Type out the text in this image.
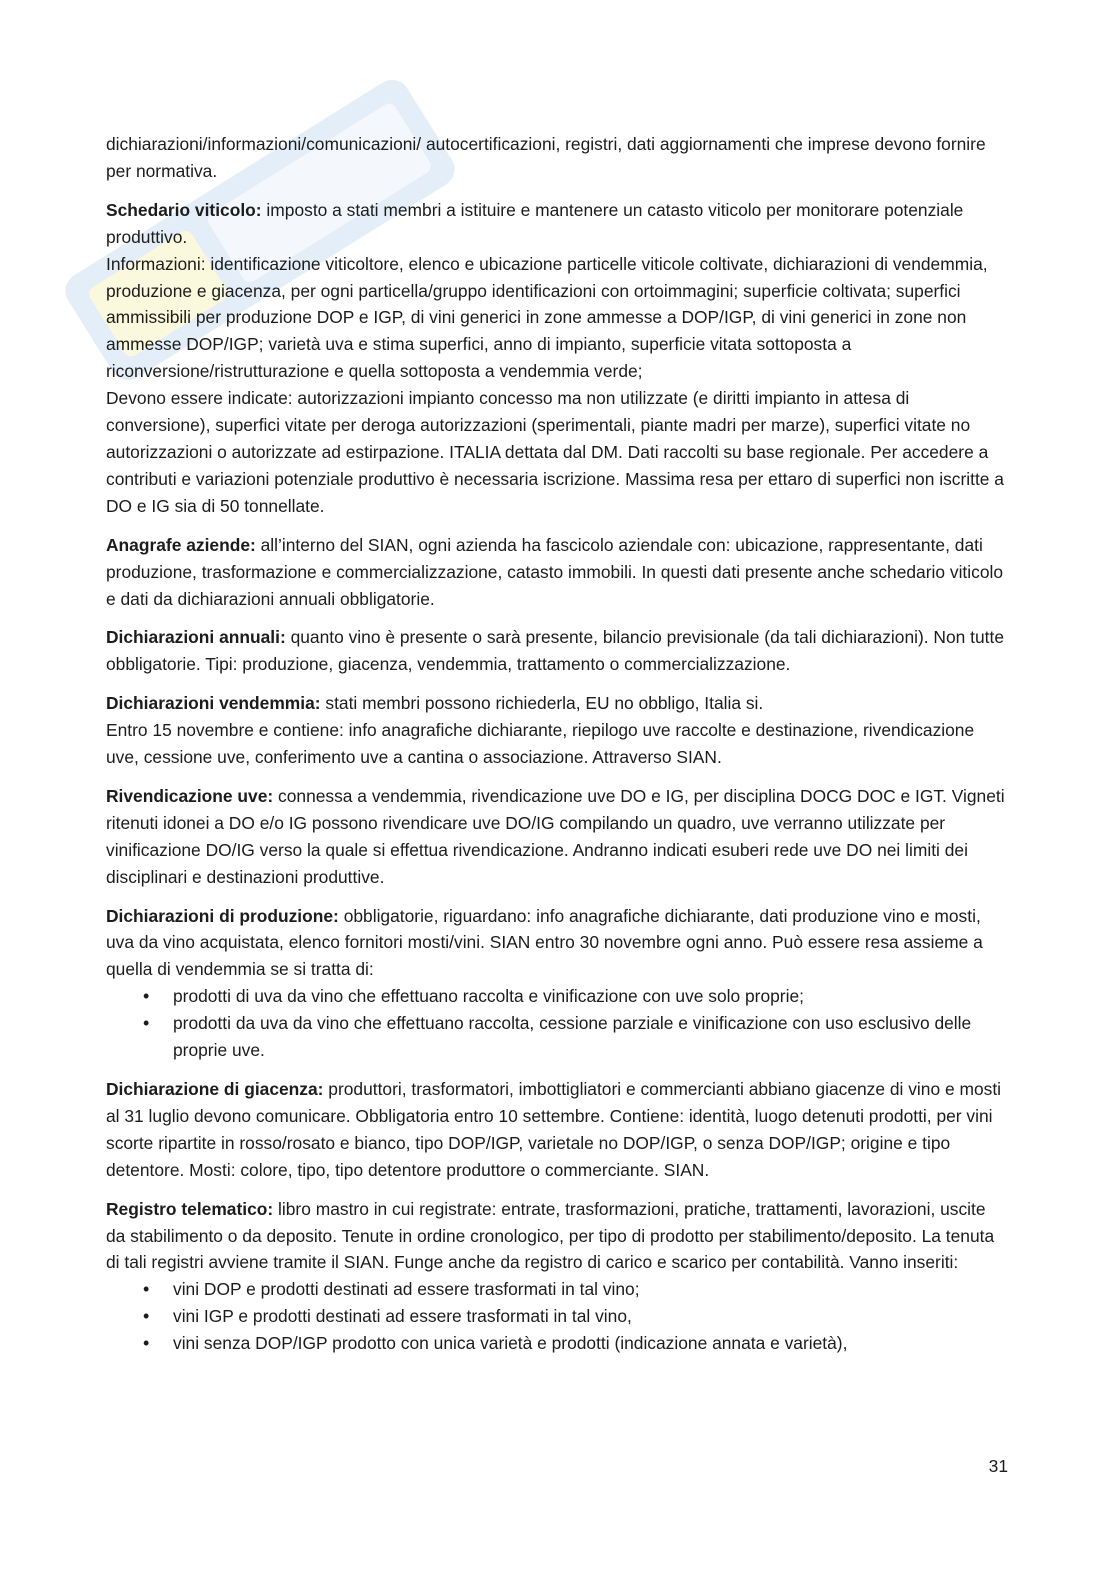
dichiarazioni/informazioni/comunicazioni/ autocertificazioni, registri, dati aggiornamenti che imprese devono fornire per normativa.

Schedario viticolo: imposto a stati membri a istituire e mantenere un catasto viticolo per monitorare potenziale produttivo.

Informazioni: identificazione viticoltore, elenco e ubicazione particelle viticole coltivate, dichiarazioni di vendemmia, produzione e giacenza, per ogni particella/gruppo identificazioni con ortoimmagini; superficie coltivata; superfici ammissibili per produzione DOP e IGP, di vini generici in zone ammesse a DOP/IGP, di vini generici in zone non ammesse DOP/IGP; varietà uva e stima superfici, anno di impianto, superficie vitata sottoposta a riconversione/ristrutturazione e quella sottoposta a vendemmia verde;

Devono essere indicate: autorizzazioni impianto concesso ma non utilizzate (e diritti impianto in attesa di conversione), superfici vitate per deroga autorizzazioni (sperimentali, piante madri per marze), superfici vitate no autorizzazioni o autorizzate ad estirpazione. ITALIA dettata dal DM. Dati raccolti su base regionale. Per accedere a contributi e variazioni potenziale produttivo è necessaria iscrizione. Massima resa per ettaro di superfici non iscritte a DO e IG sia di 50 tonnellate.

Anagrafe aziende: all’interno del SIAN, ogni azienda ha fascicolo aziendale con: ubicazione, rappresentante, dati produzione, trasformazione e commercializzazione, catasto immobili. In questi dati presente anche schedario viticolo e dati da dichiarazioni annuali obbligatorie.

Dichiarazioni annuali: quanto vino è presente o sarà presente, bilancio previsionale (da tali dichiarazioni). Non tutte obbligatorie. Tipi: produzione, giacenza, vendemmia, trattamento o commercializzazione.

Dichiarazioni vendemmia: stati membri possono richiederla, EU no obbligo, Italia si.

Entro 15 novembre e contiene: info anagrafiche dichiarante, riepilogo uve raccolte e destinazione, rivendicazione uve, cessione uve, conferimento uve a cantina o associazione. Attraverso SIAN.

Rivendicazione uve: connessa a vendemmia, rivendicazione uve DO e IG, per disciplina DOCG DOC e IGT. Vigneti ritenuti idonei a DO e/o IG possono rivendicare uve DO/IG compilando un quadro, uve verranno utilizzate per vinificazione DO/IG verso la quale si effettua rivendicazione. Andranno indicati esuberi rede uve DO nei limiti dei disciplinari e destinazioni produttive.

Dichiarazioni di produzione: obbligatorie, riguardano: info anagrafiche dichiarante, dati produzione vino e mosti, uva da vino acquistata, elenco fornitori mosti/vini. SIAN entro 30 novembre ogni anno. Può essere resa assieme a quella di vendemmia se si tratta di:

• prodotti di uva da vino che effettuano raccolta e vinificazione con uve solo proprie;
• prodotti da uva da vino che effettuano raccolta, cessione parziale e vinificazione con uso esclusivo delle proprie uve.

Dichiarazione di giacenza: produttori, trasformatori, imbottigliatori e commercianti abbiano giacenze di vino e mosti al 31 luglio devono comunicare. Obbligatoria entro 10 settembre. Contiene: identità, luogo detenuti prodotti, per vini scorte ripartite in rosso/rosato e bianco, tipo DOP/IGP, varietale no DOP/IGP, o senza DOP/IGP; origine e tipo detentore. Mosti: colore, tipo, tipo detentore produttore o commerciante. SIAN.

Registro telematico: libro mastro in cui registrate: entrate, trasformazioni, pratiche, trattamenti, lavorazioni, uscite da stabilimento o da deposito. Tenute in ordine cronologico, per tipo di prodotto per stabilimento/deposito. La tenuta di tali registri avviene tramite il SIAN. Funge anche da registro di carico e scarico per contabilità. Vanno inseriti:

• vini DOP e prodotti destinati ad essere trasformati in tal vino;
• vini IGP e prodotti destinati ad essere trasformati in tal vino,
• vini senza DOP/IGP prodotto con unica varietà e prodotti (indicazione annata e varietà),
31
